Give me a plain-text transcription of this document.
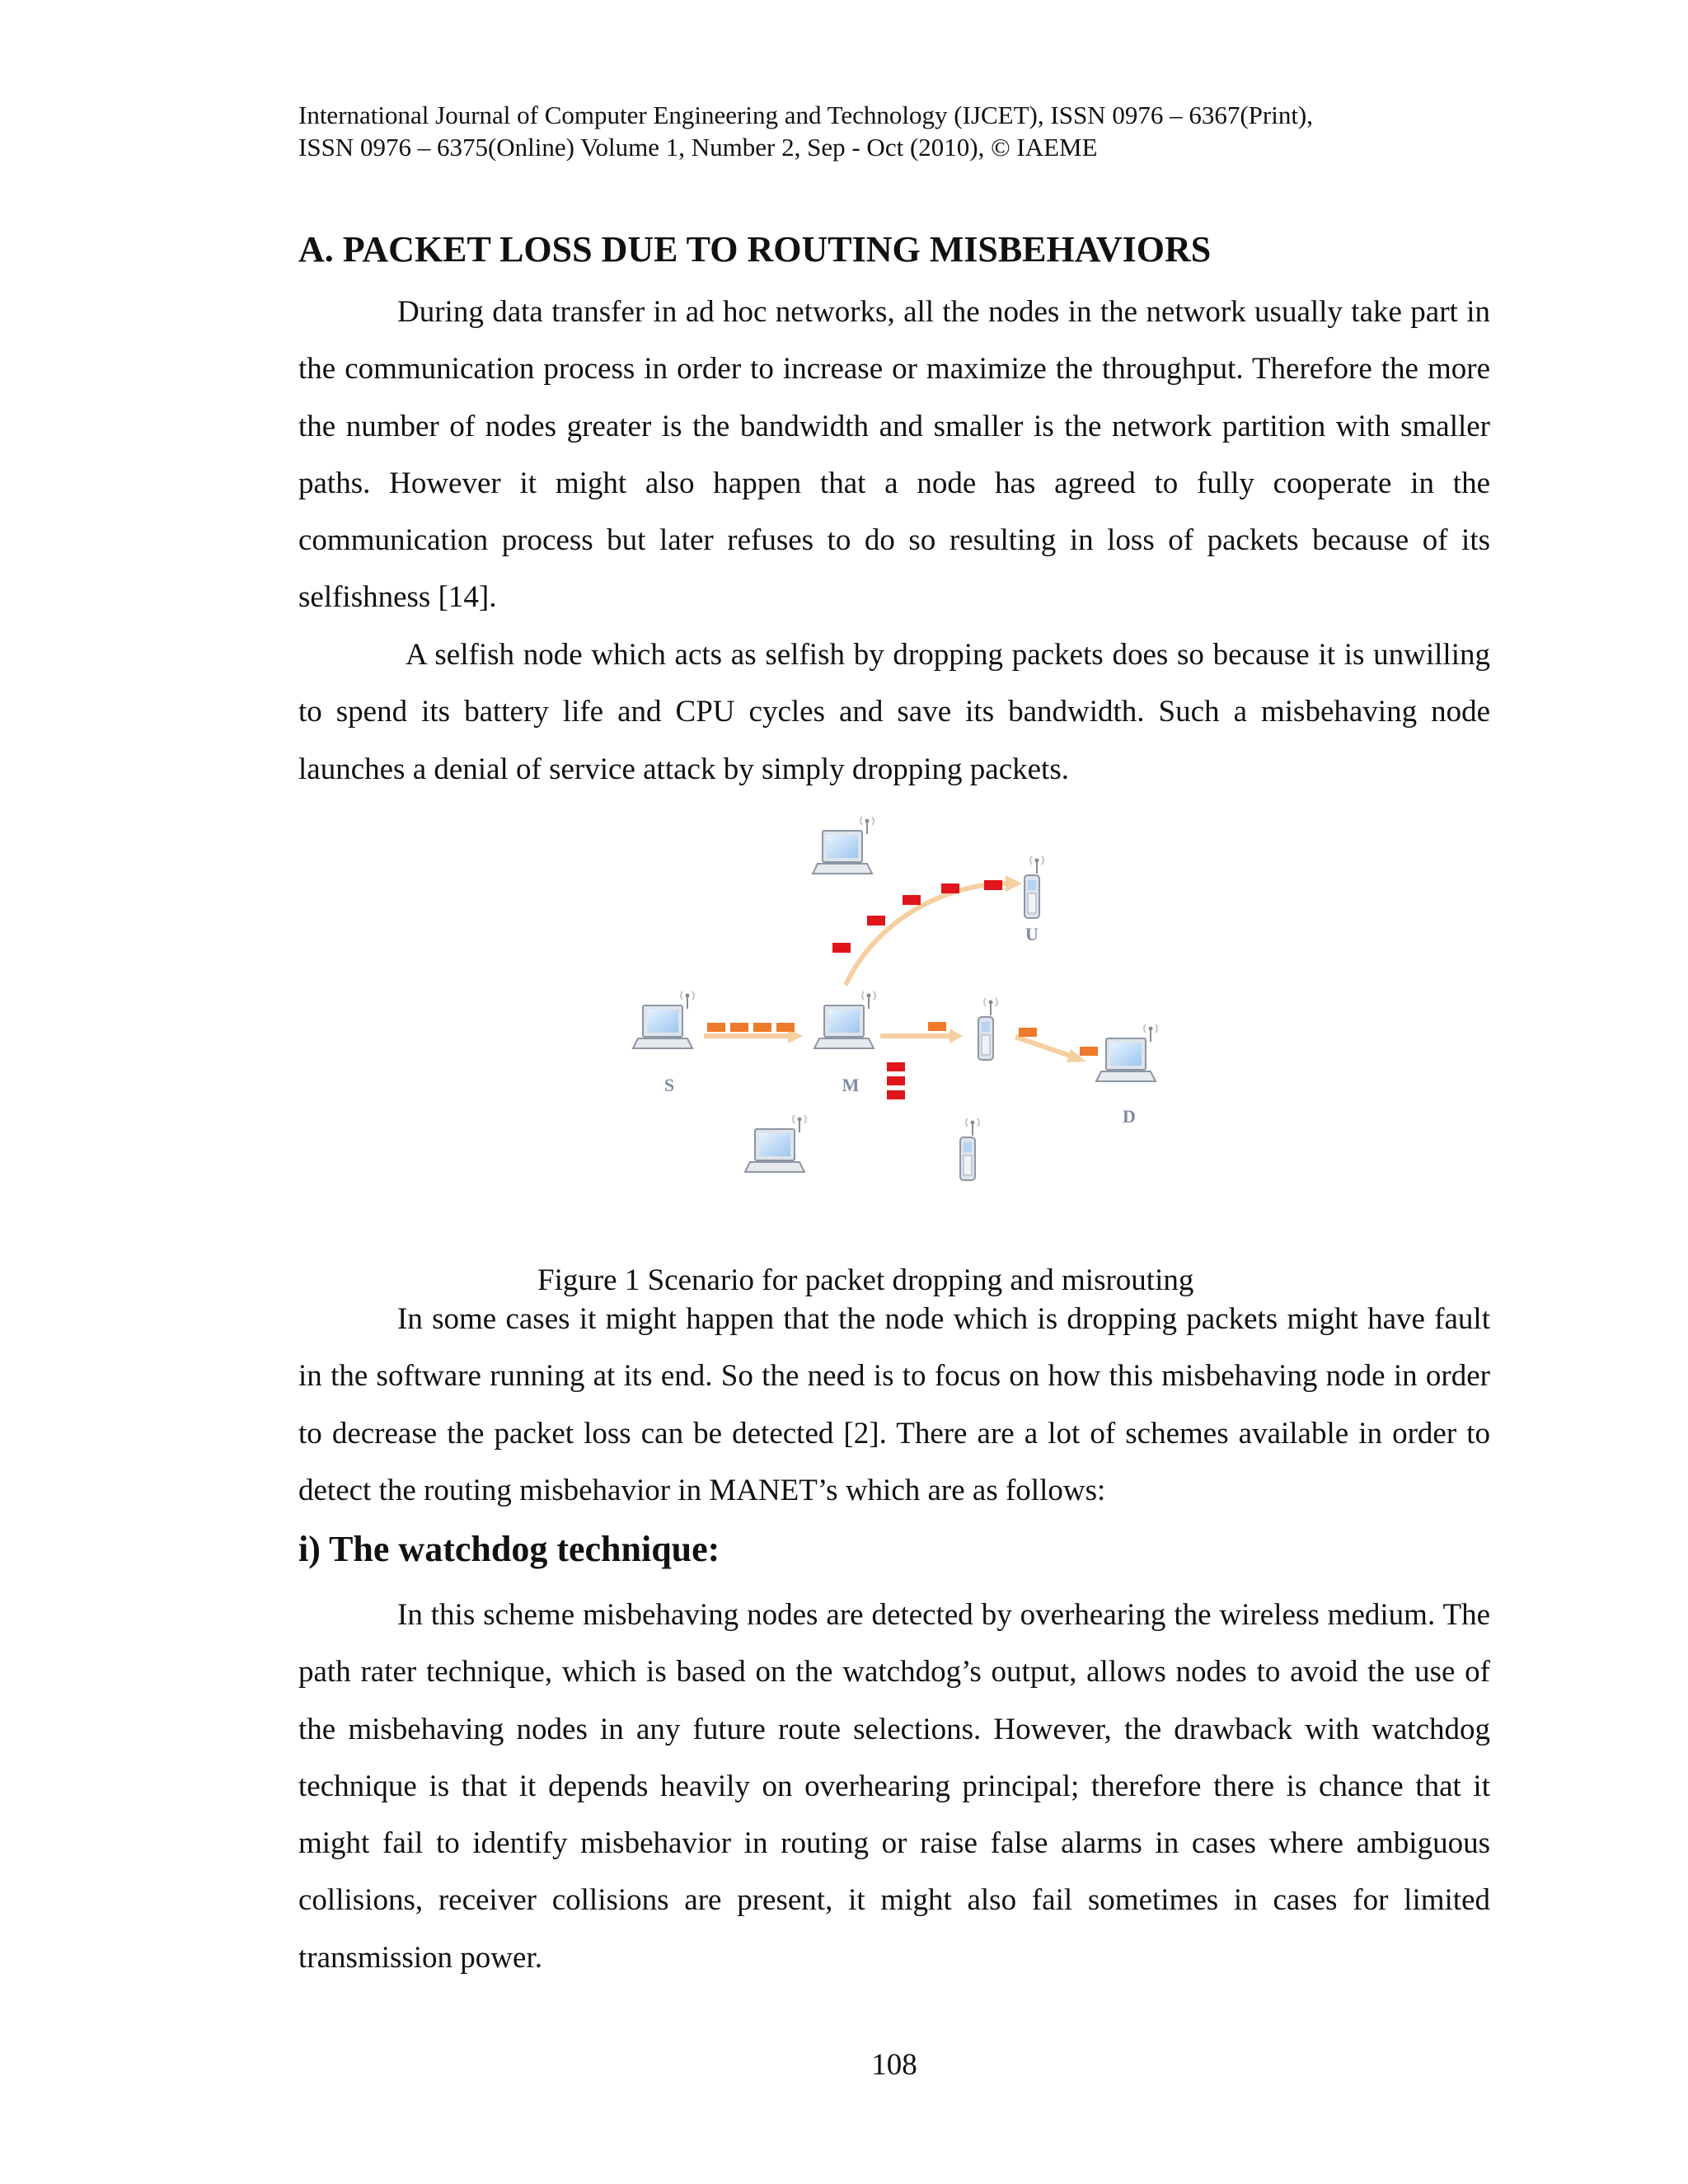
International Journal of Computer Engineering and Technology (IJCET), ISSN 0976 – 6367(Print),
ISSN 0976 – 6375(Online) Volume 1, Number 2, Sep - Oct (2010), © IAEME
A. PACKET LOSS DUE TO ROUTING MISBEHAVIORS

During data transfer in ad hoc networks, all the nodes in the network usually take part in the communication process in order to increase or maximize the throughput. Therefore the more the number of nodes greater is the bandwidth and smaller is the network partition with smaller paths. However it might also happen that a node has agreed to fully cooperate in the communication process but later refuses to do so resulting in loss of packets because of its selfishness [14].

A selfish node which acts as selfish by dropping packets does so because it is unwilling to spend its battery life and CPU cycles and save its bandwidth. Such a misbehaving node launches a denial of service attack by simply dropping packets.

U
S	M
D

Figure 1 Scenario for packet dropping and misrouting

In some cases it might happen that the node which is dropping packets might have fault in the software running at its end. So the need is to focus on how this misbehaving node in order to decrease the packet loss can be detected [2]. There are a lot of schemes available in order to detect the routing misbehavior in MANET’s which are as follows:

i) The watchdog technique:

In this scheme misbehaving nodes are detected by overhearing the wireless medium. The path rater technique, which is based on the watchdog’s output, allows nodes to avoid the use of the misbehaving nodes in any future route selections. However, the drawback with watchdog technique is that it depends heavily on overhearing principal; therefore there is chance that it might fail to identify misbehavior in routing or raise false alarms in cases where ambiguous collisions, receiver collisions are present, it might also fail sometimes in cases for limited transmission power.

108
